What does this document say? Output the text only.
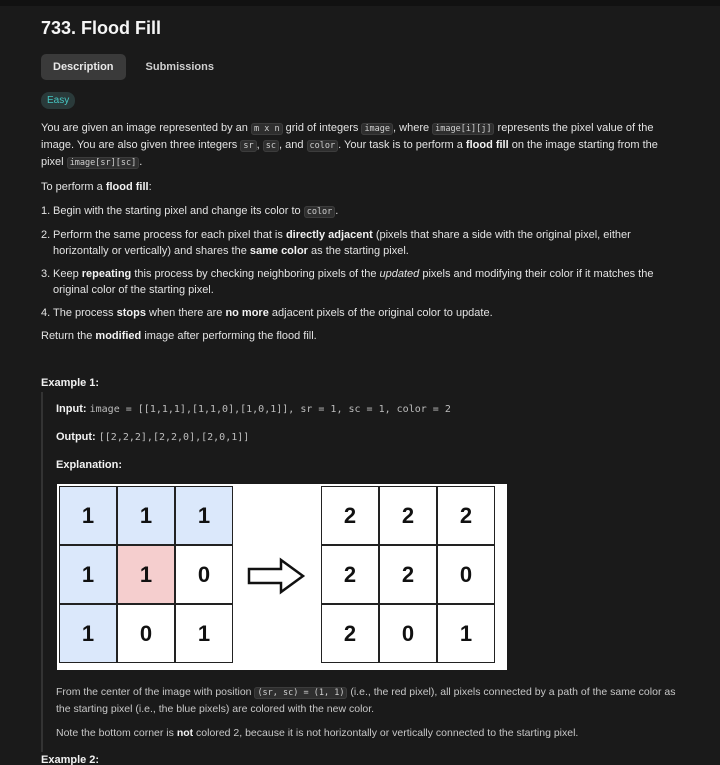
733. Flood Fill
Description	Submissions
Easy

You are given an image represented by an m x n grid of integers image , where image[i][j] represents the pixel value of the image. You are also given three integers sr , sc , and color . Your task is to perform a flood fill on the image starting from the pixel image[sr][sc] .

To perform a flood fill:

1. Begin with the starting pixel and change its color to color .
2. Perform the same process for each pixel that is directly adjacent (pixels that share a side with the original pixel, either horizontally or vertically) and shares the same color as the starting pixel.
3. Keep repeating this process by checking neighboring pixels of the updated pixels and modifying their color if it matches the original color of the starting pixel.
4. The process stops when there are no more adjacent pixels of the original color to update.

Return the modified image after performing the flood fill.

Example 1:
Input: image = [[1,1,1],[1,1,0],[1,0,1]], sr = 1, sc = 1, color = 2
Output: [[2,2,2],[2,2,0],[2,0,1]]
Explanation:
1	1	1
1	1	0
1	0	1
2	2	2
2	2	0
2	0	1
From the center of the image with position (sr, sc) = (1, 1) (i.e., the red pixel), all pixels connected by a path of the same color as the starting pixel (i.e., the blue pixels) are colored with the new color.
Note the bottom corner is not colored 2, because it is not horizontally or vertically connected to the starting pixel.
Example 2:
